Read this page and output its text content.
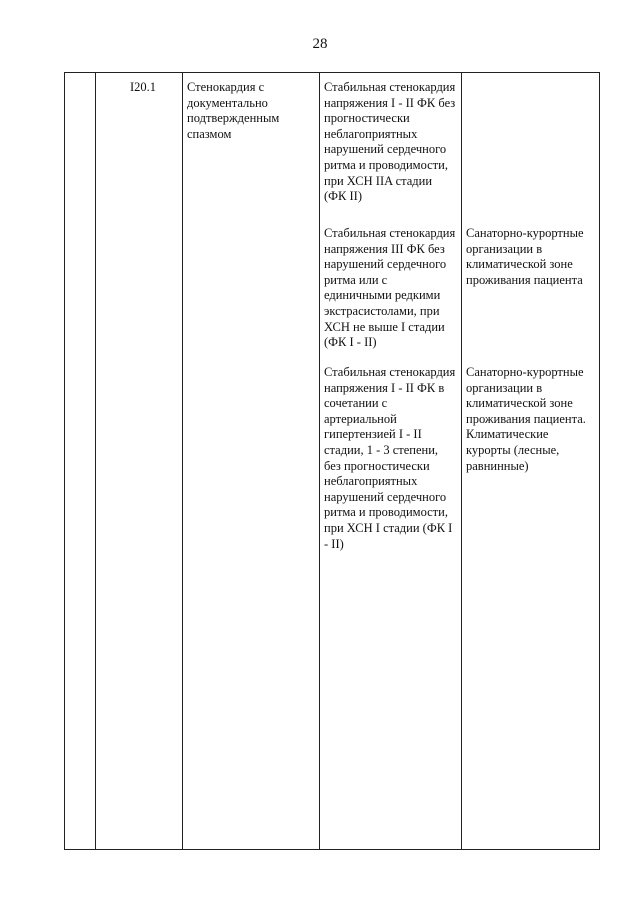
28
I20.1 Стенокардия с
документально
подтвержденным
спазмом
Стабильная стенокардия
напряжения I - II ФК без
прогностически
неблагоприятных
нарушений сердечного
ритма и проводимости,
при ХСН IIA стадии
(ФК II)
Стабильная стенокардия
напряжения III ФК без
нарушений сердечного
ритма или с
единичными редкими
экстрасистолами, при
ХСН не выше I стадии
(ФК I - II)
Санаторно-курортные
организации в
климатической зоне
проживания пациента
Стабильная стенокардия
напряжения I - II ФК в
сочетании с
артериальной
гипертензией I - II
стадии, 1 - 3 степени,
без прогностически
неблагоприятных
нарушений сердечного
ритма и проводимости,
при ХСН I стадии (ФК I
- II)
Санаторно-курортные
организации в
климатической зоне
проживания пациента.
Климатические
курорты (лесные,
равнинные)
